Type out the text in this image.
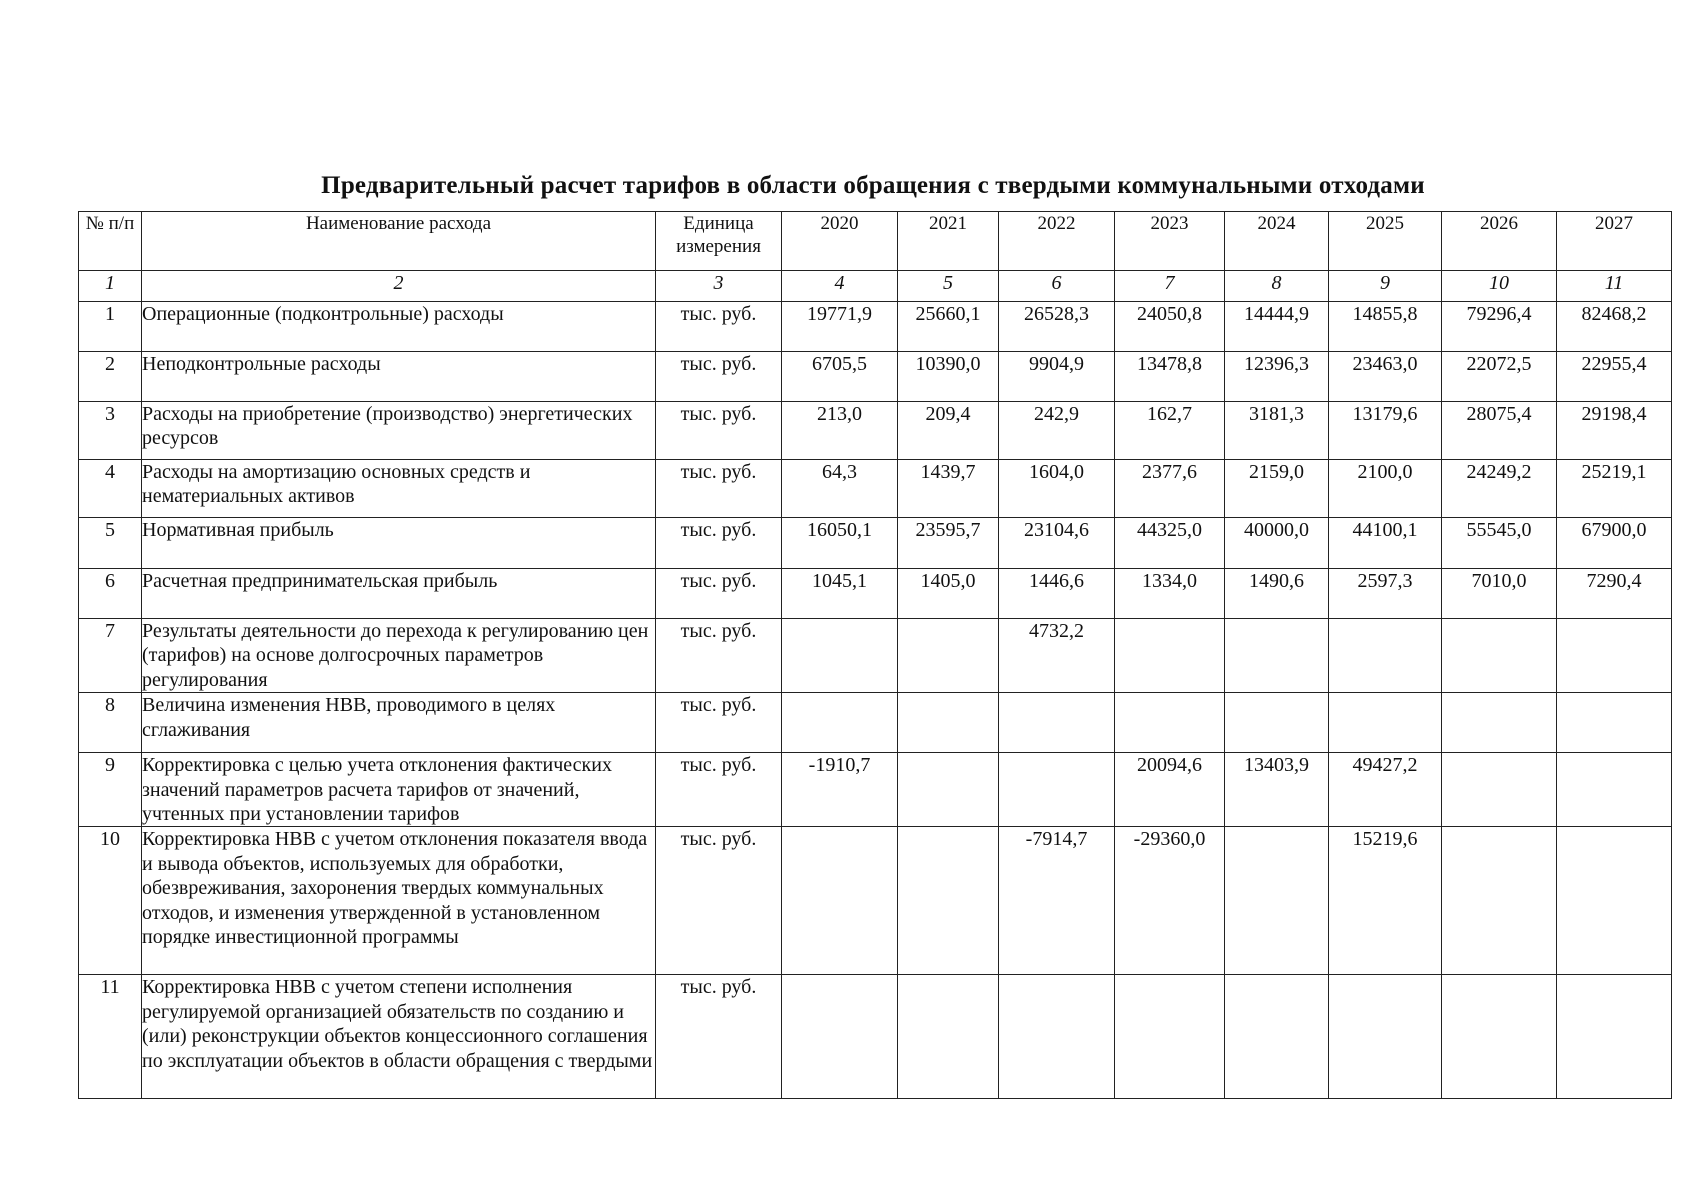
Предварительный расчет тарифов в области обращения с твердыми коммунальными отходами
№ п/п	Наименование расхода	Единица измерения	2020	2021	2022	2023	2024	2025	2026	2027
1	2	3	4	5	6	7	8	9	10	11
1	Операционные (подконтрольные) расходы	тыс. руб.	19771,9	25660,1	26528,3	24050,8	14444,9	14855,8	79296,4	82468,2
2	Неподконтрольные расходы	тыс. руб.	6705,5	10390,0	9904,9	13478,8	12396,3	23463,0	22072,5	22955,4
3	Расходы на приобретение (производство) энергетических ресурсов	тыс. руб.	213,0	209,4	242,9	162,7	3181,3	13179,6	28075,4	29198,4
4	Расходы на амортизацию основных средств и нематериальных активов	тыс. руб.	64,3	1439,7	1604,0	2377,6	2159,0	2100,0	24249,2	25219,1
5	Нормативная прибыль	тыс. руб.	16050,1	23595,7	23104,6	44325,0	40000,0	44100,1	55545,0	67900,0
6	Расчетная предпринимательская прибыль	тыс. руб.	1045,1	1405,0	1446,6	1334,0	1490,6	2597,3	7010,0	7290,4
7	Результаты деятельности до перехода к регулированию цен (тарифов) на основе долгосрочных параметров регулирования	тыс. руб.			4732,2					
8	Величина изменения НВВ, проводимого в целях сглаживания	тыс. руб.								
9	Корректировка с целью учета отклонения фактических значений параметров расчета тарифов от значений, учтенных при установлении тарифов	тыс. руб.	-1910,7			20094,6	13403,9	49427,2		
10	Корректировка НВВ с учетом отклонения показателя ввода и вывода объектов, используемых для обработки, обезвреживания, захоронения твердых коммунальных отходов, и изменения утвержденной в установленном порядке инвестиционной программы	тыс. руб.			-7914,7	-29360,0		15219,6		
11	Корректировка НВВ с учетом степени исполнения регулируемой организацией обязательств по созданию и (или) реконструкции объектов концессионного соглашения по эксплуатации объектов в области обращения с твердыми	тыс. руб.								
